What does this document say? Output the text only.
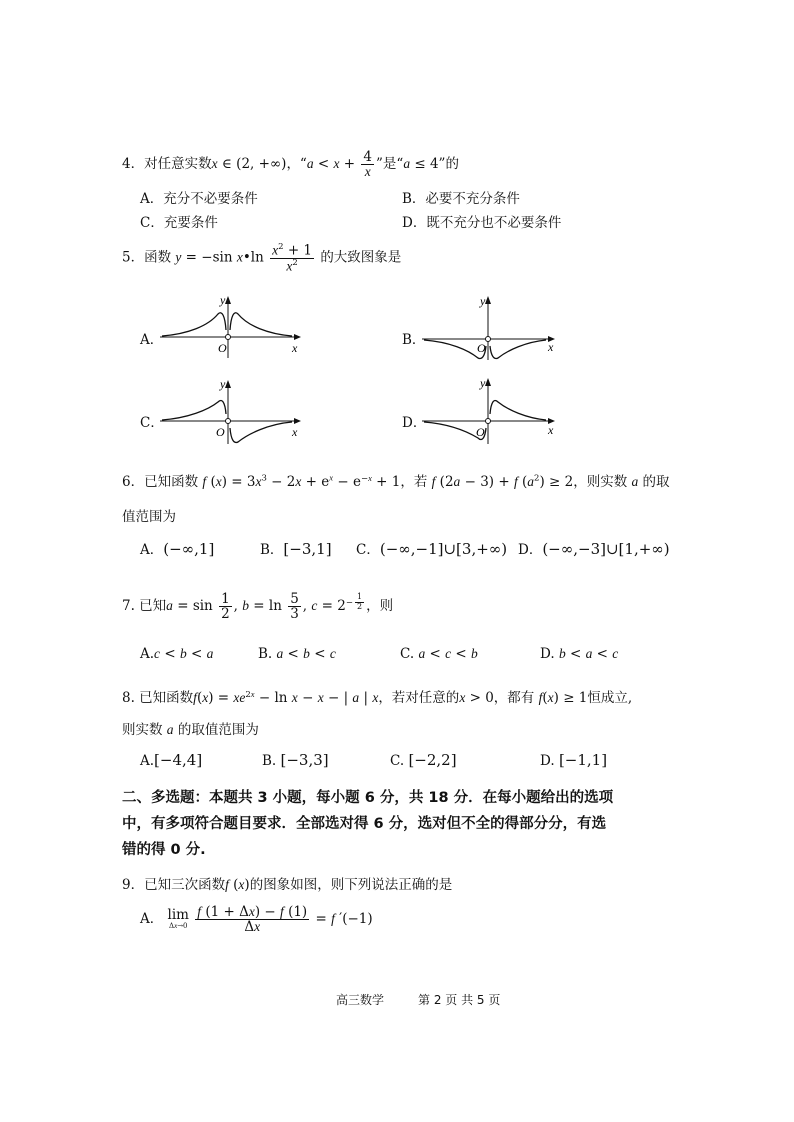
4．对任意实数x ∈ (2, +∞)，“$a < x + \frac{4}{x}$ ”是“a ≤ 4”的
A．充分不必要条件	B．必要不充分条件
C．充要条件	D．既不充分也不必要条件
5．函数 y = −sin x•ln $\frac{x^2 + 1}{x^2}$ 的大致图象是
A．	O	x
y
B．	O	x
y
C．
O	x
y
D．
O	x
y
6．已知函数 f $(x) = 3x^3 - 2x + e^x - e^{-x} + 1$，若 f (2a − 3) + f $(a^2) \ge 2$，则实数 a 的取
值范围为
A．(−∞,1]	B．[−3,1] C．(−∞,−1]∪[3,+∞) D．(−∞,−3]∪[1,+∞)
7. 已知$a = \sin \frac{1}{2}$ , $b = \ln \frac{5}{3}$ , $c = 2^{- \frac{1}{2}}$ ，则
A.c < b < a	B. a < b < c	C. a < c < b	D. b < a < c
8. 已知函数$f(x) = xe^{2x} - \ln x - x$ − | a | x，若对任意的x > 0，都有 f(x) ≥ 1恒成立,
则实数 a 的取值范围为
A.[−4,4]	B. [−3,3]	C. [−2,2]	D. [−1,1]
二、多选题：本题共 3 小题，每小题 6 分，共 18 分．在每小题给出的选项
中，有多项符合题目要求．全部选对得 6 分，选对但不全的得部分分，有选
错的得 0 分.
9．已知三次函数f (x)的图象如图，则下列说法正确的是
A． lim
Δx→0
$\frac{f (1 + \Delta x) - f (1)}{\Delta x} = f$ ′(−1)
高三数学	第 2 页 共 5 页
